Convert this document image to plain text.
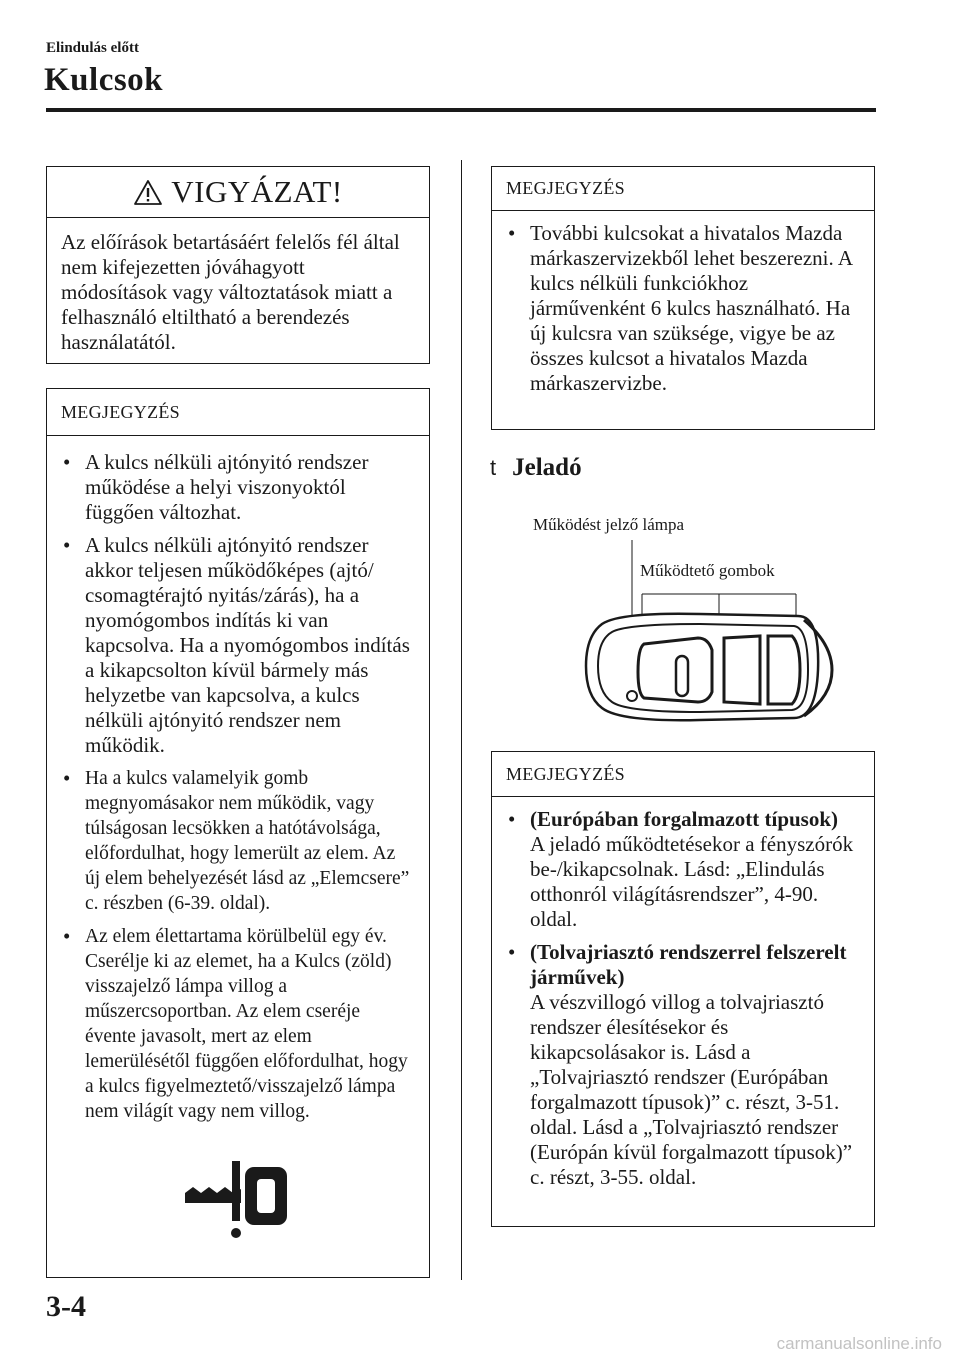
Elindulás előtt
Kulcsok
VIGYÁZAT!
Az előírások betartásáért felelős fél által nem kifejezetten jóváhagyott módosítások vagy változtatások miatt a felhasználó eltiltható a berendezés használatától.
MEGJEGYZÉS
• A kulcs nélküli ajtónyitó rendszer működése a helyi viszonyoktól függően változhat.
• A kulcs nélküli ajtónyitó rendszer akkor teljesen működőképes (ajtó/ csomagtérajtó nyitás/zárás), ha a nyomógombos indítás ki van kapcsolva. Ha a nyomógombos indítás a kikapcsolton kívül bármely más helyzetbe van kapcsolva, a kulcs nélküli ajtónyitó rendszer nem működik.
• Ha a kulcs valamelyik gomb megnyomásakor nem működik, vagy túlságosan lecsökken a hatótávolsága, előfordulhat, hogy lemerült az elem. Az új elem behelyezését lásd az „Elemcsere” c. részben (6-39. oldal).
• Az elem élettartama körülbelül egy év. Cserélje ki az elemet, ha a Kulcs (zöld) visszajelző lámpa villog a műszercsoportban. Az elem cseréje évente javasolt, mert az elem lemerülésétől függően előfordulhat, hogy a kulcs figyelmeztető/visszajelző lámpa nem világít vagy nem villog.
MEGJEGYZÉS
• További kulcsokat a hivatalos Mazda márkaszervizekből lehet beszerezni. A kulcs nélküli funkciókhoz járművenként 6 kulcs használható. Ha új kulcsra van szüksége, vigye be az összes kulcsot a hivatalos Mazda márkaszervizbe.
t Jeladó
Működést jelző lámpa
Működtető gombok
MEGJEGYZÉS
• (Európában forgalmazott típusok)
A jeladó működtetésekor a fényszórók be-/kikapcsolnak. Lásd: „Elindulás otthonról világításrendszer”, 4-90. oldal.
• (Tolvajriasztó rendszerrel felszerelt járművek)
A vészvillogó villog a tolvajriasztó rendszer élesítésekor és kikapcsolásakor is. Lásd a „Tolvajriasztó rendszer (Európában forgalmazott típusok)” c. részt, 3-51. oldal. Lásd a „Tolvajriasztó rendszer (Európán kívül forgalmazott típusok)” c. részt, 3-55. oldal.
3-4
carmanualsonline.info
